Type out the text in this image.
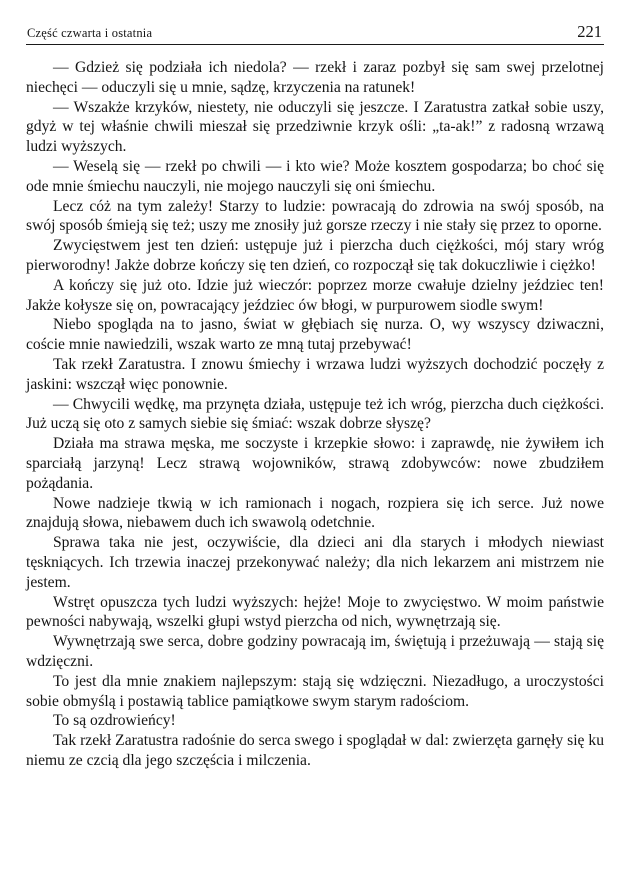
Część czwarta i ostatnia	221

— Gdzież się podziała ich niedola? — rzekł i zaraz pozbył się sam swej przelotnej niechęci — oduczyli się u mnie, sądzę, krzyczenia na ratunek!

— Wszakże krzyków, niestety, nie oduczyli się jeszcze. I Zaratustra zatkał sobie uszy, gdyż w tej właśnie chwili mieszał się przedziwnie krzyk ośli: „ta-ak!” z radosną wrzawą ludzi wyższych.

— Weselą się — rzekł po chwili — i kto wie? Może kosztem gospodarza; bo choć się ode mnie śmiechu nauczyli, nie mojego nauczyli się oni śmiechu.

Lecz cóż na tym zależy! Starzy to ludzie: powracają do zdrowia na swój sposób, na swój sposób śmieją się też; uszy me znosiły już gorsze rzeczy i nie stały się przez to oporne.

Zwycięstwem jest ten dzień: ustępuje już i pierzcha duch ciężkości, mój stary wróg pierworodny! Jakże dobrze kończy się ten dzień, co rozpoczął się tak dokuczliwie i ciężko!

A kończy się już oto. Idzie już wieczór: poprzez morze cwałuje dzielny jeździec ten! Jakże kołysze się on, powracający jeździec ów błogi, w purpurowem siodle swym!

Niebo spogląda na to jasno, świat w głębiach się nurza. O, wy wszyscy dziwaczni, coście mnie nawiedzili, wszak warto ze mną tutaj przebywać!

Tak rzekł Zaratustra. I znowu śmiechy i wrzawa ludzi wyższych dochodzić poczęły z jaskini: wszczął więc ponownie.

— Chwycili wędkę, ma przynęta działa, ustępuje też ich wróg, pierzcha duch ciężkości. Już uczą się oto z samych siebie się śmiać: wszak dobrze słyszę?

Działa ma strawa męska, me soczyste i krzepkie słowo: i zaprawdę, nie żywiłem ich sparciałą jarzyną! Lecz strawą wojowników, strawą zdobywców: nowe zbudziłem pożądania.

Nowe nadzieje tkwią w ich ramionach i nogach, rozpiera się ich serce. Już nowe znajdują słowa, niebawem duch ich swawolą odetchnie.

Sprawa taka nie jest, oczywiście, dla dzieci ani dla starych i młodych niewiast tęskniących. Ich trzewia inaczej przekonywać należy; dla nich lekarzem ani mistrzem nie jestem.

Wstręt opuszcza tych ludzi wyższych: hejże! Moje to zwycięstwo. W moim państwie pewności nabywają, wszelki głupi wstyd pierzcha od nich, wywnętrzają się.

Wywnętrzają swe serca, dobre godziny powracają im, świętują i przeżuwają — stają się wdzięczni.

To jest dla mnie znakiem najlepszym: stają się wdzięczni. Niezadługo, a uroczystości sobie obmyślą i postawią tablice pamiątkowe swym starym radościom.

To są ozdrowieńcy!

Tak rzekł Zaratustra radośnie do serca swego i spoglądał w dal: zwierzęta garnęły się ku niemu ze czcią dla jego szczęścia i milczenia.
